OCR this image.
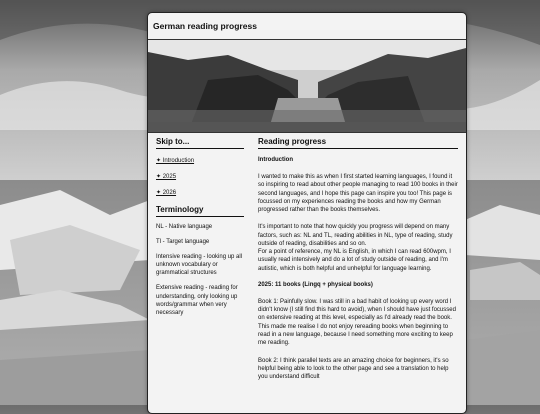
German reading progress
Skip to...
✦ Introduction
✦ 2025
✦ 2026
Terminology
NL - Native language
Tl - Target language
Intensive reading - looking up all unknown vocabulary or grammatical structures
Extensive reading - reading for understanding, only looking up words/grammar when very necessary
Reading progress
Introduction

I wanted to make this as when I first started learning languages, I found it so inspiring to read about other people managing to read 100 books in their second languages, and I hope this page can inspire you too! This page is focussed on my experiences reading the books and how my German progressed rather than the books themselves.

It's important to note that how quickly you progress will depend on many factors, such as: NL and TL, reading abilities in NL, type of reading, study outside of reading, disabilities and so on.

For a point of reference, my NL is English, in which I can read 600wpm, I usually read intensively and do a lot of study outside of reading, and I'm autistic, which is both helpful and unhelpful for language learning.

2025: 11 books (Lingq + physical books)

Book 1: Painfully slow. I was still in a bad habit of looking up every word I didn't know (I still find this hard to avoid), when I should have just focussed on extensive reading at this level, especially as I'd already read the book. This made me realise I do not enjoy rereading books when beginning to read in a new language, because I need something more exciting to keep me reading.

Book 2: I think parallel texts are an amazing choice for beginners, it's so helpful being able to look to the other page and see a translation to help you understand difficult
